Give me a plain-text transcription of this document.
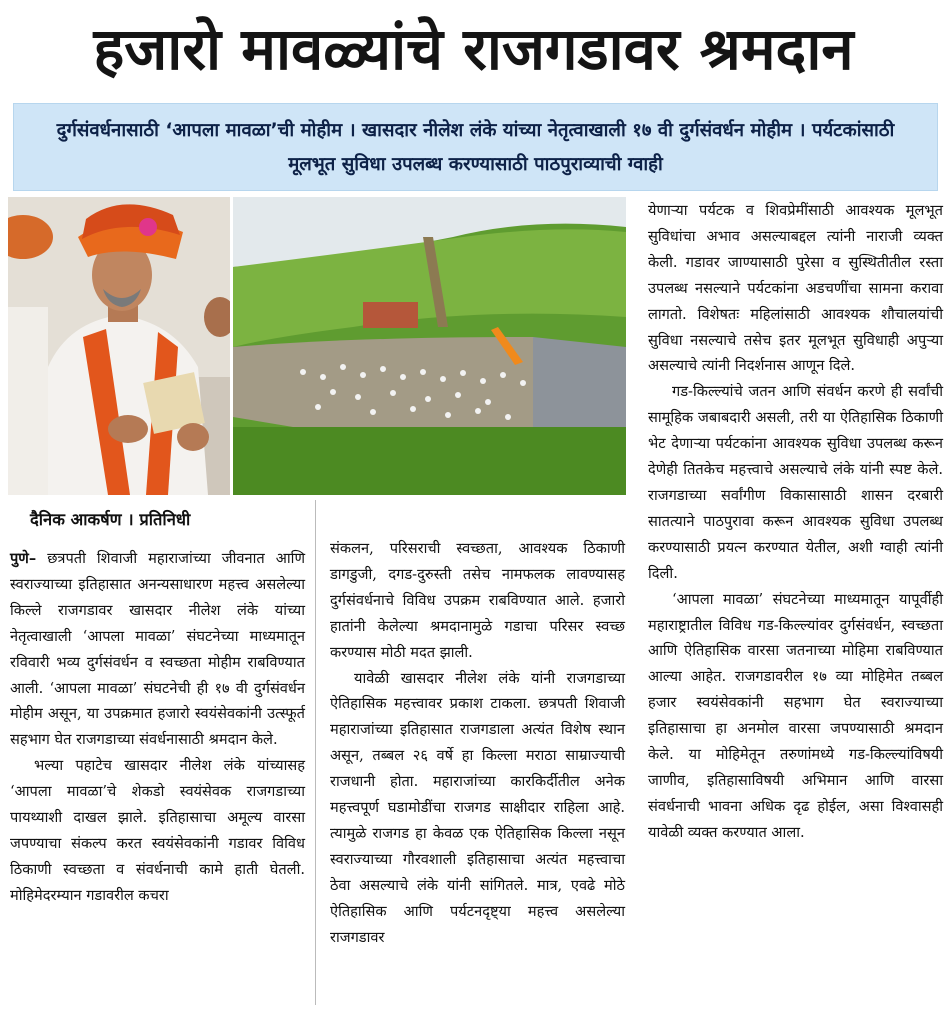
हजारो मावळ्यांचे राजगडावर श्रमदान

दुर्गसंवर्धनासाठी ‘आपला मावळा’ची मोहीम । खासदार नीलेश लंके यांच्या नेतृत्वाखाली १७ वी दुर्गसंवर्धन मोहीम । पर्यटकांसाठी मूलभूत सुविधा उपलब्ध करण्यासाठी पाठपुराव्याची ग्वाही

दैनिक आकर्षण । प्रतिनिधी

पुणे– छत्रपती शिवाजी महाराजांच्या जीवनात आणि स्वराज्याच्या इतिहासात अनन्यसाधारण महत्त्व असलेल्या किल्ले राजगडावर खासदार नीलेश लंके यांच्या नेतृत्वाखाली ‘आपला मावळा’ संघटनेच्या माध्यमातून रविवारी भव्य दुर्गसंवर्धन व स्वच्छता मोहीम राबविण्यात आली. ‘आपला मावळा’ संघटनेची ही १७ वी दुर्गसंवर्धन मोहीम असून, या उपक्रमात हजारो स्वयंसेवकांनी उत्स्फूर्त सहभाग घेत राजगडाच्या संवर्धनासाठी श्रमदान केले.

भल्या पहाटेच खासदार नीलेश लंके यांच्यासह ‘आपला मावळा’चे शेकडो स्वयंसेवक राजगडाच्या पायथ्याशी दाखल झाले. इतिहासाचा अमूल्य वारसा जपण्याचा संकल्प करत स्वयंसेवकांनी गडावर विविध ठिकाणी स्वच्छता व संवर्धनाची कामे हाती घेतली. मोहिमेदरम्यान गडावरील कचरा

संकलन, परिसराची स्वच्छता, आवश्यक ठिकाणी डागडुजी, दगड-दुरुस्ती तसेच नामफलक लावण्यासह दुर्गसंवर्धनाचे विविध उपक्रम राबविण्यात आले. हजारो हातांनी केलेल्या श्रमदानामुळे गडाचा परिसर स्वच्छ करण्यास मोठी मदत झाली.

यावेळी खासदार नीलेश लंके यांनी राजगडाच्या ऐतिहासिक महत्त्वावर प्रकाश टाकला. छत्रपती शिवाजी महाराजांच्या इतिहासात राजगडाला अत्यंत विशेष स्थान असून, तब्बल २६ वर्षे हा किल्ला मराठा साम्राज्याची राजधानी होता. महाराजांच्या कारकिर्दीतील अनेक महत्त्वपूर्ण घडामोडींचा राजगड साक्षीदार राहिला आहे. त्यामुळे राजगड हा केवळ एक ऐतिहासिक किल्ला नसून स्वराज्याच्या गौरवशाली इतिहासाचा अत्यंत महत्त्वाचा ठेवा असल्याचे लंके यांनी सांगितले. मात्र, एवढे मोठे ऐतिहासिक आणि पर्यटनदृष्ट्या महत्त्व असलेल्या राजगडावर

येणाऱ्या पर्यटक व शिवप्रेमींसाठी आवश्यक मूलभूत सुविधांचा अभाव असल्याबद्दल त्यांनी नाराजी व्यक्त केली. गडावर जाण्यासाठी पुरेसा व सुस्थितीतील रस्ता उपलब्ध नसल्याने पर्यटकांना अडचणींचा सामना करावा लागतो. विशेषतः महिलांसाठी आवश्यक शौचालयांची सुविधा नसल्याचे तसेच इतर मूलभूत सुविधाही अपुऱ्या असल्याचे त्यांनी निदर्शनास आणून दिले.

गड-किल्ल्यांचे जतन आणि संवर्धन करणे ही सर्वांची सामूहिक जबाबदारी असली, तरी या ऐतिहासिक ठिकाणी भेट देणाऱ्या पर्यटकांना आवश्यक सुविधा उपलब्ध करून देणेही तितकेच महत्त्वाचे असल्याचे लंके यांनी स्पष्ट केले. राजगडाच्या सर्वांगीण विकासासाठी शासन दरबारी सातत्याने पाठपुरावा करून आवश्यक सुविधा उपलब्ध करण्यासाठी प्रयत्न करण्यात येतील, अशी ग्वाही त्यांनी दिली.

‘आपला मावळा’ संघटनेच्या माध्यमातून यापूर्वीही महाराष्ट्रातील विविध गड-किल्ल्यांवर दुर्गसंवर्धन, स्वच्छता आणि ऐतिहासिक वारसा जतनाच्या मोहिमा राबविण्यात आल्या आहेत. राजगडावरील १७ व्या मोहिमेत तब्बल हजार स्वयंसेवकांनी सहभाग घेत स्वराज्याच्या इतिहासाचा हा अनमोल वारसा जपण्यासाठी श्रमदान केले. या मोहिमेतून तरुणांमध्ये गड-किल्ल्यांविषयी जाणीव, इतिहासाविषयी अभिमान आणि वारसा संवर्धनाची भावना अधिक दृढ होईल, असा विश्वासही यावेळी व्यक्त करण्यात आला.
